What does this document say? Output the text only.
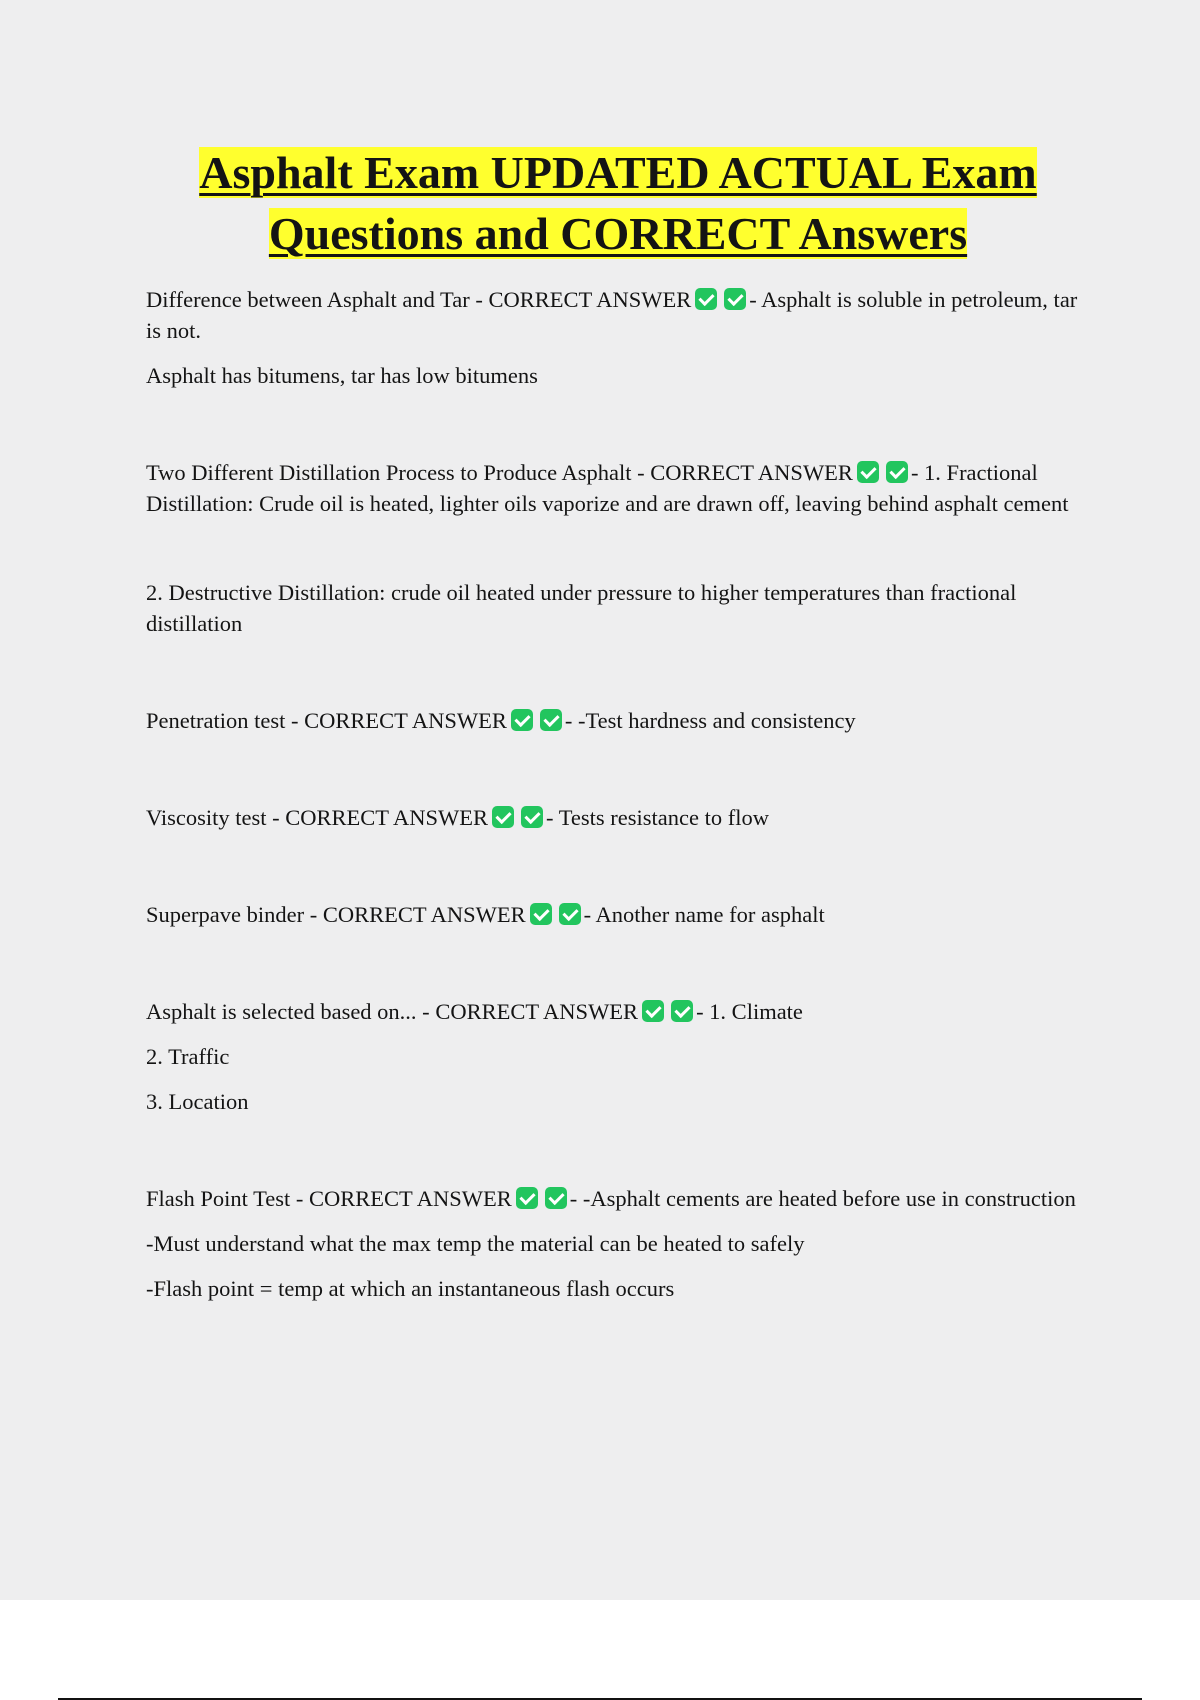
Asphalt Exam UPDATED ACTUAL Exam
Questions and CORRECT Answers

Difference between Asphalt and Tar - CORRECT ANSWER	- Asphalt is soluble in petroleum, tar is not.

Asphalt has bitumens, tar has low bitumens

Two Different Distillation Process to Produce Asphalt - CORRECT ANSWER	- 1. Fractional Distillation: Crude oil is heated, lighter oils vaporize and are drawn off, leaving behind asphalt cement

2. Destructive Distillation: crude oil heated under pressure to higher temperatures than fractional distillation

Penetration test - CORRECT ANSWER	- -Test hardness and consistency

Viscosity test - CORRECT ANSWER	- Tests resistance to flow

Superpave binder - CORRECT ANSWER	- Another name for asphalt

Asphalt is selected based on... - CORRECT ANSWER	- 1. Climate

2. Traffic

3. Location

Flash Point Test - CORRECT ANSWER	- -Asphalt cements are heated before use in construction

-Must understand what the max temp the material can be heated to safely

-Flash point = temp at which an instantaneous flash occurs
